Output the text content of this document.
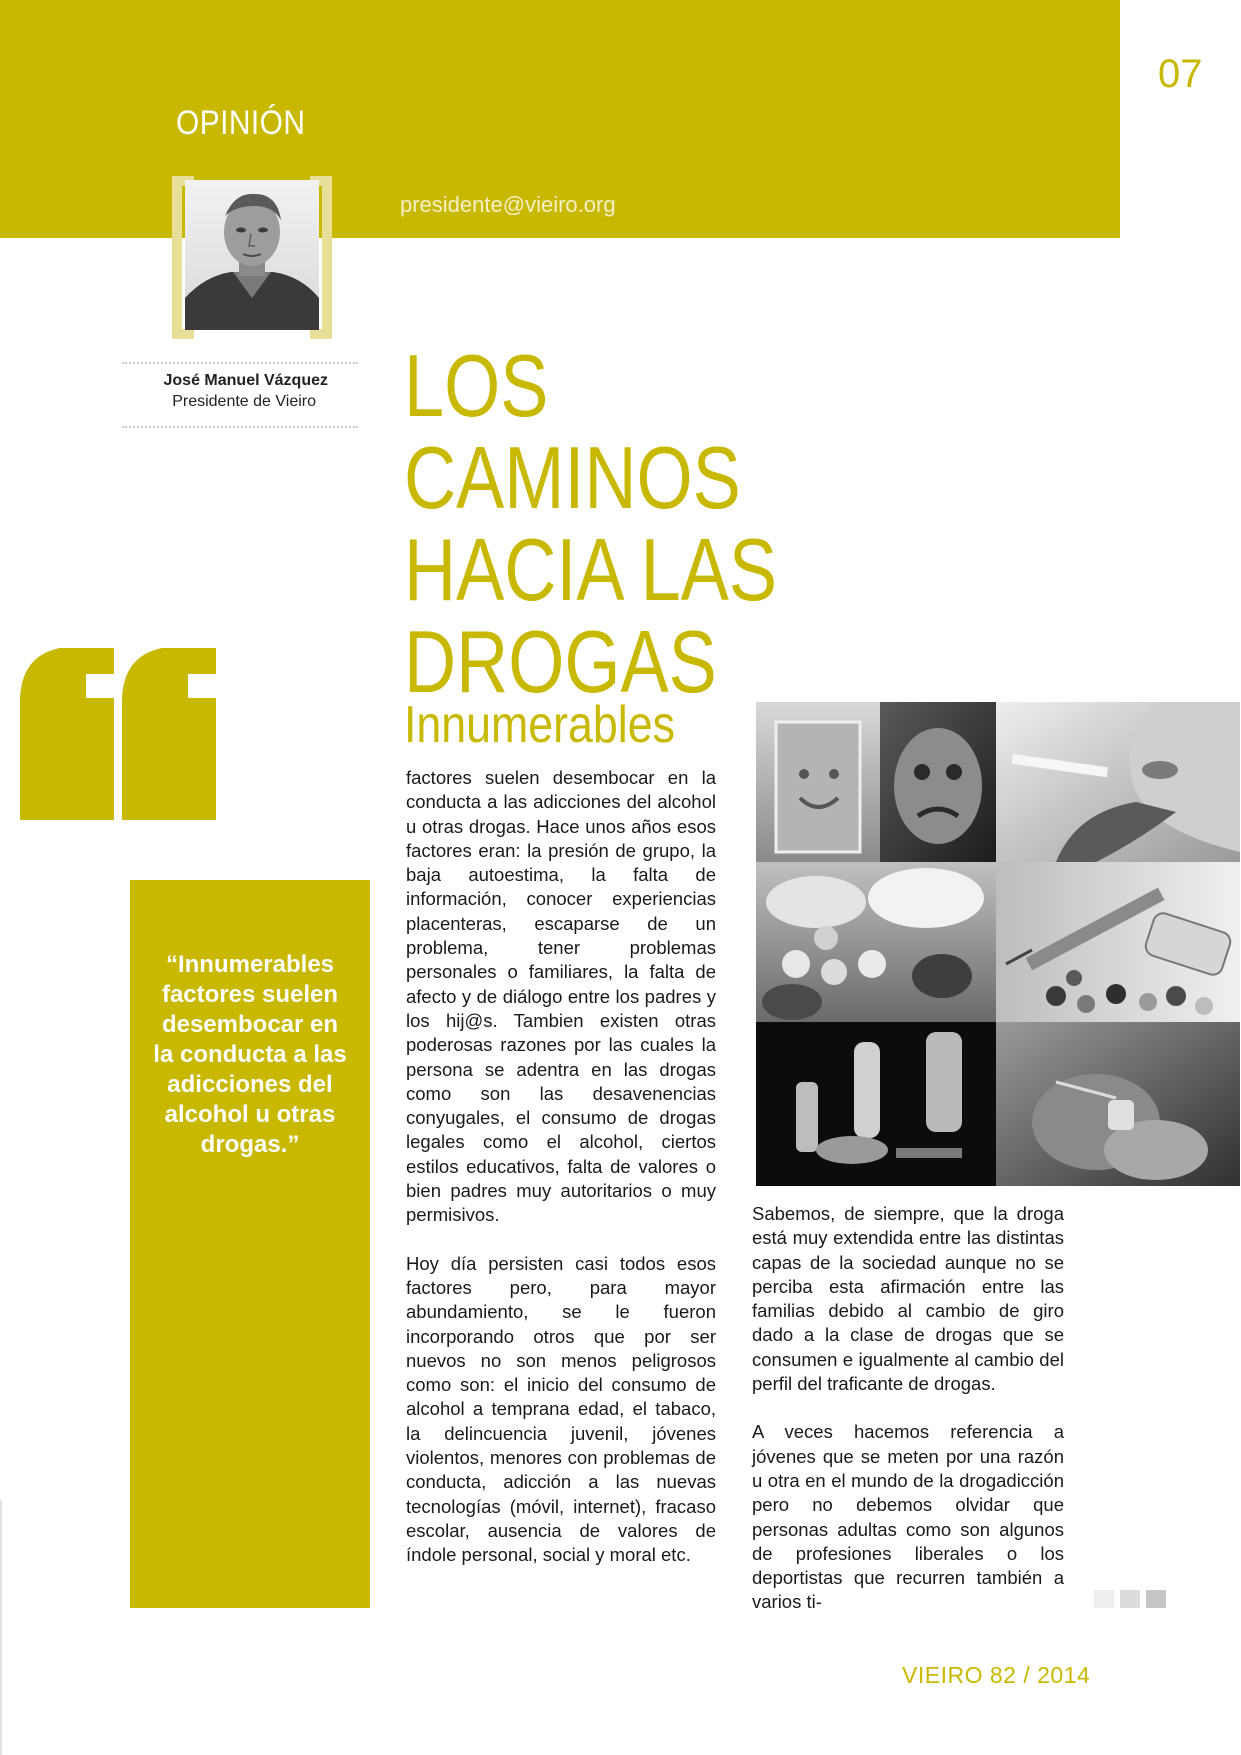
07
OPINIÓN
presidente@vieiro.org
José Manuel Vázquez
Presidente de Vieiro LOS CAMINOS
HACIA LAS
DROGAS
“Innumerables factores suelen desembocar en la conducta a las adicciones del alcohol u otras drogas.”
Innumerables

factores suelen desembocar en la conducta a las adicciones del alcohol u otras drogas. Hace unos años esos factores eran: la presión de grupo, la baja autoestima, la falta de información, conocer experiencias placenteras, escaparse de un problema, tener problemas personales o familiares, la falta de afecto y de diálogo entre los padres y los hij@s. Tambien existen otras poderosas razones por las cuales la persona se adentra en las drogas como son las desavenencias conyugales, el consumo de drogas legales como el alcohol, ciertos estilos educativos, falta de valores o bien padres muy autoritarios o muy permisivos.

Hoy día persisten casi todos esos factores pero, para mayor abundamiento, se le fueron incorporando otros que por ser nuevos no son menos peligrosos como son: el inicio del consumo de alcohol a temprana edad, el tabaco, la delincuencia juvenil, jóvenes violentos, menores con problemas de conducta, adicción a las nuevas tecnologías (móvil, internet), fracaso escolar, ausencia de valores de índole personal, social y moral etc.

Sabemos, de siempre, que la droga está muy extendida entre las distintas capas de la sociedad aunque no se perciba esta afirmación entre las familias debido al cambio de giro dado a la clase de drogas que se consumen e igualmente al cambio del perfil del traficante de drogas.

A veces hacemos referencia a jóvenes que se meten por una razón u otra en el mundo de la drogadicción pero no debemos olvidar que personas adultas como son algunos de profesiones liberales o los deportistas que recurren también a varios ti-

VIEIRO 82 / 2014
